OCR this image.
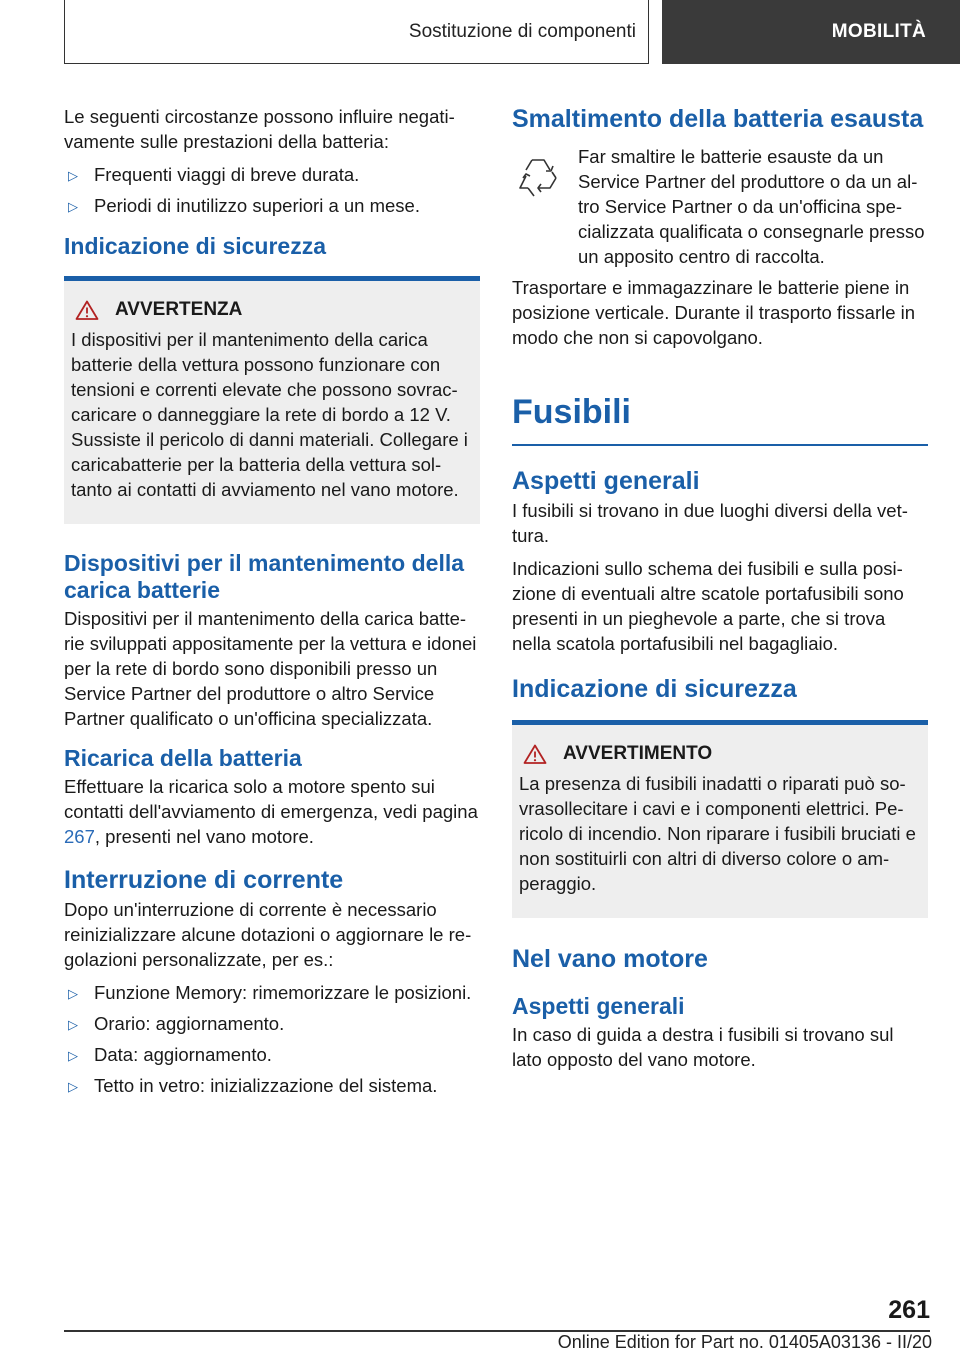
Sostituzione di componenti	MOBILITÀ

Le seguenti circostanze possono influire negativamente sulle prestazioni della batteria:

▷ Frequenti viaggi di breve durata.
▷ Periodi di inutilizzo superiori a un mese.
Indicazione di sicurezza
AVVERTENZA

I dispositivi per il mantenimento della carica batterie della vettura possono funzionare con tensioni e correnti elevate che possono sovraccaricare o danneggiare la rete di bordo a 12 V. Sussiste il pericolo di danni materiali. Collegare i caricabatterie per la batteria della vettura soltanto ai contatti di avviamento nel vano motore.

Dispositivi per il mantenimento della carica batterie

Dispositivi per il mantenimento della carica batterie sviluppati appositamente per la vettura e idonei per la rete di bordo sono disponibili presso un Service Partner del produttore o altro Service Partner qualificato o un'officina specializzata.

Ricarica della batteria

Effettuare la ricarica solo a motore spento sui contatti dell'avviamento di emergenza, vedi pagina 267, presenti nel vano motore.

Interruzione di corrente

Dopo un'interruzione di corrente è necessario reinizializzare alcune dotazioni o aggiornare le regolazioni personalizzate, per es.:

▷ Funzione Memory: rimemorizzare le posizioni.
▷ Orario: aggiornamento.
▷ Data: aggiornamento.
▷ Tetto in vetro: inizializzazione del sistema.
Smaltimento della batteria esausta

Far smaltire le batterie esauste da un Service Partner del produttore o da un altro Service Partner o da un'officina specializzata qualificata o consegnarle presso un apposito centro di raccolta.

Trasportare e immagazzinare le batterie piene in posizione verticale. Durante il trasporto fissarle in modo che non si capovolgano.

Fusibili
Aspetti generali

I fusibili si trovano in due luoghi diversi della vettura.

Indicazioni sullo schema dei fusibili e sulla posizione di eventuali altre scatole portafusibili sono presenti in un pieghevole a parte, che si trova nella scatola portafusibili nel bagagliaio.

Indicazione di sicurezza
AVVERTIMENTO

La presenza di fusibili inadatti o riparati può sovrasollecitare i cavi e i componenti elettrici. Pericolo di incendio. Non riparare i fusibili bruciati e non sostituirli con altri di diverso colore o amperaggio.

Nel vano motore
Aspetti generali

In caso di guida a destra i fusibili si trovano sul lato opposto del vano motore.

261
Online Edition for Part no. 01405A03136 - II/20
